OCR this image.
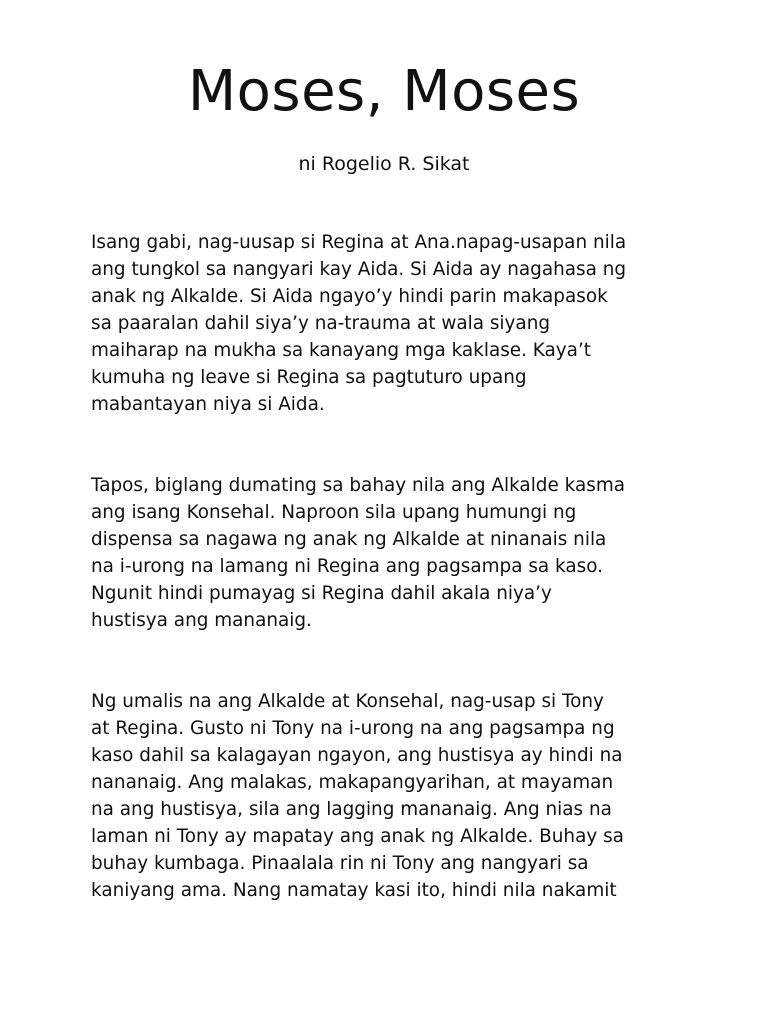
Moses, Moses

ni Rogelio R. Sikat

Isang gabi, nag-uusap si Regina at Ana.napag-usapan nila
ang tungkol sa nangyari kay Aida. Si Aida ay nagahasa ng
anak ng Alkalde. Si Aida ngayo’y hindi parin makapasok
sa paaralan dahil siya’y na-trauma at wala siyang
maiharap na mukha sa kanayang mga kaklase. Kaya’t
kumuha ng leave si Regina sa pagtuturo upang
mabantayan niya si Aida.

Tapos, biglang dumating sa bahay nila ang Alkalde kasma
ang isang Konsehal. Naproon sila upang humungi ng
dispensa sa nagawa ng anak ng Alkalde at ninanais nila
na i-urong na lamang ni Regina ang pagsampa sa kaso.
Ngunit hindi pumayag si Regina dahil akala niya’y
hustisya ang mananaig.

Ng umalis na ang Alkalde at Konsehal, nag-usap si Tony
at Regina. Gusto ni Tony na i-urong na ang pagsampa ng
kaso dahil sa kalagayan ngayon, ang hustisya ay hindi na
nananaig. Ang malakas, makapangyarihan, at mayaman
na ang hustisya, sila ang lagging mananaig. Ang nias na
laman ni Tony ay mapatay ang anak ng Alkalde. Buhay sa
buhay kumbaga. Pinaalala rin ni Tony ang nangyari sa
kaniyang ama. Nang namatay kasi ito, hindi nila nakamit
